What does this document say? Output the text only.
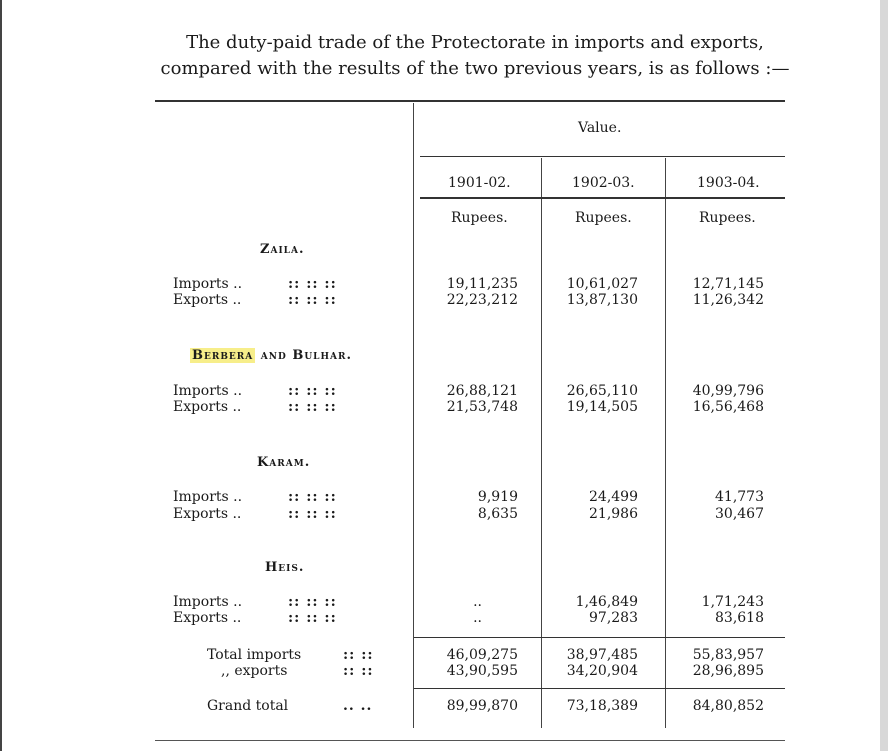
The duty-paid trade of the Protectorate in imports and exports,
compared with the results of the two previous years, is as follows :—
Value.
1901-02.	1902-03.	1903-04.
Rupees.	Rupees.	Rupees.
Zaila.
Imports ..	:: :: ::	19,11,235	10,61,027	12,71,145
Exports ..	:: :: ::	22,23,212	13,87,130	11,26,342
Berbera and Bulhar.
Imports ..	:: :: ::	26,88,121	26,65,110	40,99,796
Exports ..	:: :: ::	21,53,748	19,14,505	16,56,468
Karam.
Imports ..	:: :: ::	9,919	24,499	41,773
Exports ..	:: :: ::	8,635	21,986	30,467
Heis.
Imports ..	:: :: ::	..	1,46,849	1,71,243
Exports ..	:: :: ::	..	97,283	83,618
Total imports	:: ::	46,09,275	38,97,485	55,83,957
,, exports	:: ::	43,90,595	34,20,904	28,96,895
Grand total	.. ..	89,99,870	73,18,389	84,80,852
